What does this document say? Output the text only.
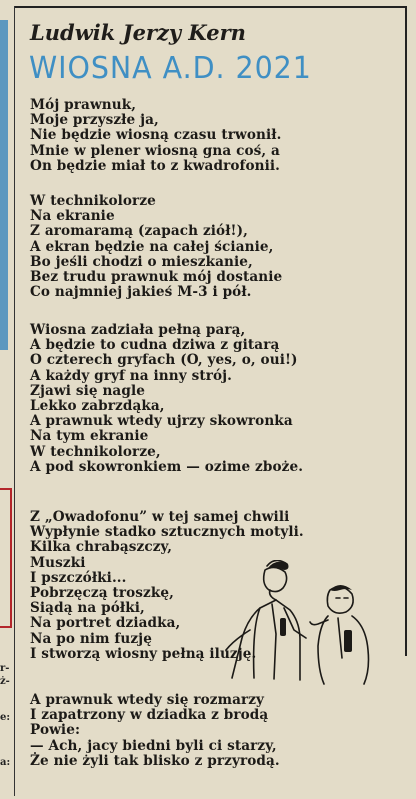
Ludwik Jerzy Kern
WIOSNA A.D. 2021
Mój prawnuk,
Moje przyszłe ja,
Nie będzie wiosną czasu trwonił.
Mnie w plener wiosną gna coś, a
On będzie miał to z kwadrofonii.
W technikolorze
Na ekranie
Z aromaramą (zapach ziół!),
A ekran będzie na całej ścianie,
Bo jeśli chodzi o mieszkanie,
Bez trudu prawnuk mój dostanie
Co najmniej jakieś M-3 i pół.
Wiosna zadziała pełną parą,
A będzie to cudna dziwa z gitarą
O czterech gryfach (O, yes, o, oui!)
A każdy gryf na inny strój.
Zjawi się nagle
Lekko zabrzdąka,
A prawnuk wtedy ujrzy skowronka
Na tym ekranie
W technikolorze,
A pod skowronkiem — ozime zboże.
Z „Owadofonu” w tej samej chwili
Wypłynie stadko sztucznych motyli.
Kilka chrabąszczy,
Muszki
I pszczółki...
Pobrzęczą troszkę,
Siądą na półki,
Na portret dziadka,
Na po nim fuzję
I stworzą wiosny pełną iluzję.
A prawnuk wtedy się rozmarzy
I zapatrzony w dziadka z brodą
Powie:
— Ach, jacy biedni byli ci starzy,
Że nie żyli tak blisko z przyrodą.
r-
ż-
e:
a:
